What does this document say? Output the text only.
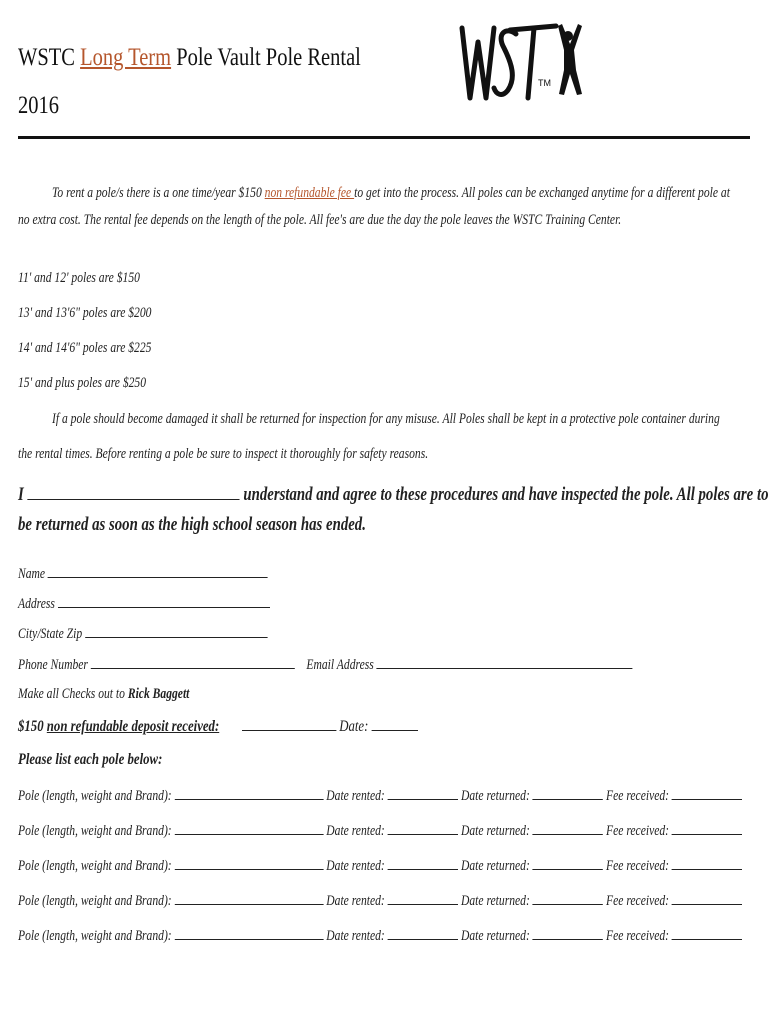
WSTC Long Term Pole Vault Pole Rental
2016
TM
To rent a pole/s there is a one time/year $150 non refundable fee to get into the process. All poles can be exchanged anytime for a different pole at
no extra cost. The rental fee depends on the length of the pole. All fee's are due the day the pole leaves the WSTC Training Center.
11' and 12' poles are $150
13' and 13'6" poles are $200
14' and 14'6" poles are $225
15' and plus poles are $250
If a pole should become damaged it shall be returned for inspection for any misuse. All Poles shall be kept in a protective pole container during
the rental times. Before renting a pole be sure to inspect it thoroughly for safety reasons.
I	understand and agree to these procedures and have inspected the pole. All poles are to
be returned as soon as the high school season has ended.
Name
Address
City/State Zip
Phone Number	Email Address
Make all Checks out to Rick Baggett
$150 non refundable deposit received:	Date:
Please list each pole below:
Pole (length, weight and Brand):	Date rented:	Date returned:	Fee received:
Pole (length, weight and Brand):	Date rented:	Date returned:	Fee received:
Pole (length, weight and Brand):	Date rented:	Date returned:	Fee received:
Pole (length, weight and Brand):	Date rented:	Date returned:	Fee received:
Pole (length, weight and Brand):	Date rented:	Date returned:	Fee received:
